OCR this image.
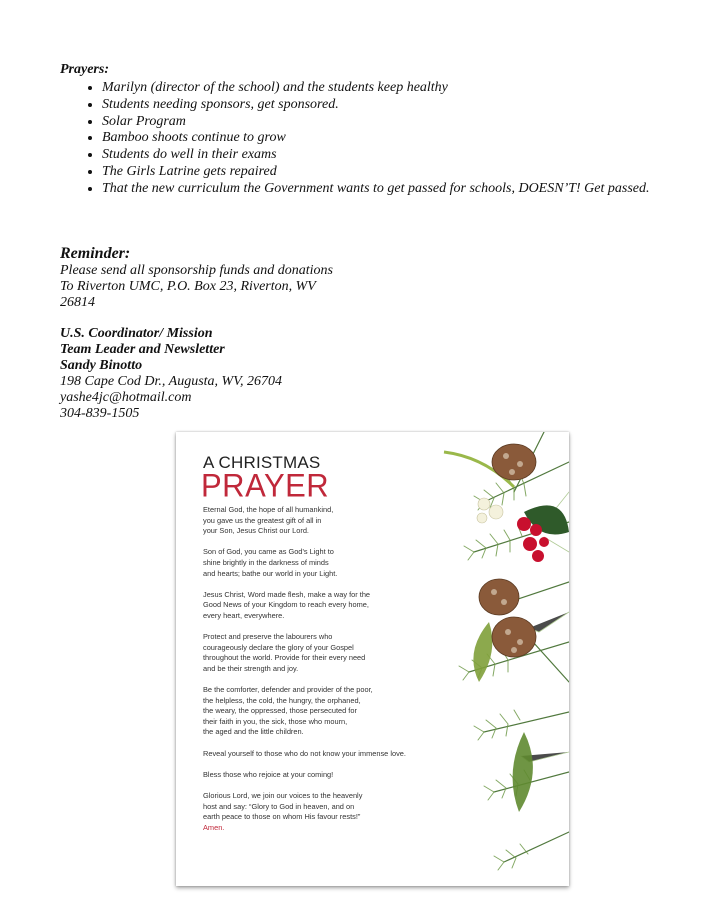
Prayers:
• Marilyn (director of the school) and the students keep healthy
• Students needing sponsors, get sponsored.
• Solar Program
• Bamboo shoots continue to grow
• Students do well in their exams
• The Girls Latrine gets repaired
• That the new curriculum the Government wants to get passed for schools, DOESN’T! Get passed.
Reminder:
Please send all sponsorship funds and donations
To Riverton UMC, P.O. Box 23, Riverton, WV
26814
U.S. Coordinator/ Mission
Team Leader and Newsletter
Sandy Binotto
198 Cape Cod Dr., Augusta, WV, 26704
yashe4jc@hotmail.com
304-839-1505
A CHRISTMAS
PRAYER

Eternal God, the hope of all humankind,
you gave us the greatest gift of all in
your Son, Jesus Christ our Lord.

Son of God, you came as God’s Light to
shine brightly in the darkness of minds
and hearts; bathe our world in your Light.

Jesus Christ, Word made flesh, make a way for the
Good News of your Kingdom to reach every home,
every heart, everywhere.

Protect and preserve the labourers who
courageously declare the glory of your Gospel
throughout the world. Provide for their every need
and be their strength and joy.

Be the comforter, defender and provider of the poor,
the helpless, the cold, the hungry, the orphaned,
the weary, the oppressed, those persecuted for
their faith in you, the sick, those who mourn,
the aged and the little children.

Reveal yourself to those who do not know your immense love.

Bless those who rejoice at your coming!

Glorious Lord, we join our voices to the heavenly
host and say: “Glory to God in heaven, and on
earth peace to those on whom His favour rests!”
Amen.
